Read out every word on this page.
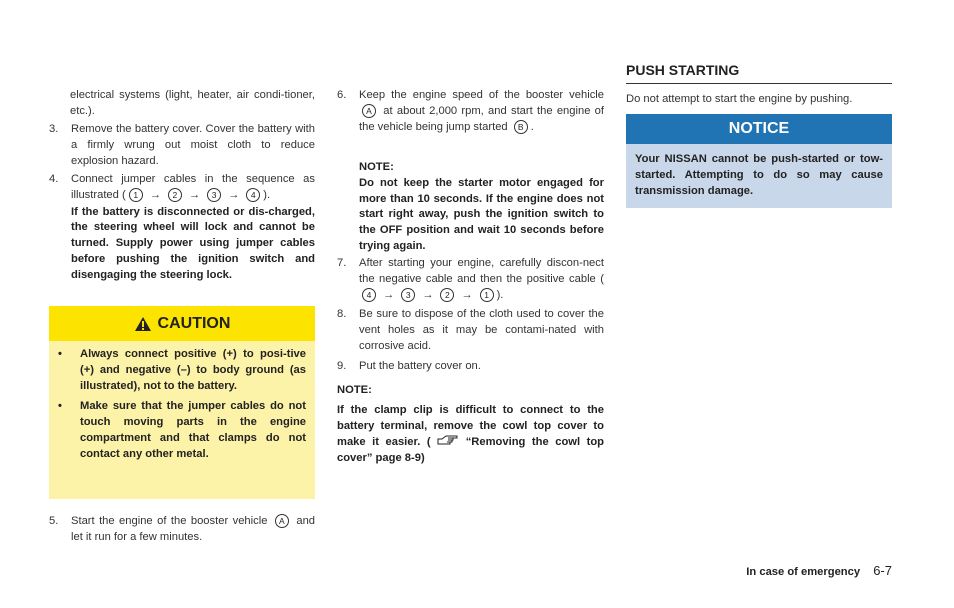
electrical systems (light, heater, air condi-tioner, etc.).
3. Remove the battery cover. Cover the battery with a firmly wrung out moist cloth to reduce explosion hazard.
4. Connect jumper cables in the sequence as illustrated ( 1 → 2 → 3 → 4 ).
If the battery is disconnected or dis-charged, the steering wheel will lock and cannot be turned. Supply power using jumper cables before pushing the ignition switch and disengaging the steering lock.
5. Start the engine of the booster vehicle A and let it run for a few minutes.
CAUTION
• Always connect positive (+) to posi-tive (+) and negative (–) to body ground (as illustrated), not to the battery.
• Make sure that the jumper cables do not touch moving parts in the engine compartment and that clamps do not contact any other metal.
6. Keep the engine speed of the booster vehicle A at about 2,000 rpm, and start the engine of the vehicle being jump started B .
NOTE:
Do not keep the starter motor engaged for more than 10 seconds. If the engine does not start right away, push the ignition switch to the OFF position and wait 10 seconds before trying again.
7. After starting your engine, carefully discon-nect the negative cable and then the positive cable (4 → 3 → 2 → 1 ).
8. Be sure to dispose of the cloth used to cover the vent holes as it may be contami-nated with corrosive acid.
9. Put the battery cover on.
NOTE:
If the clamp clip is difficult to connect to the battery terminal, remove the cowl top cover to make it easier. (	“Removing the cowl top cover” page 8-9)
PUSH STARTING
Do not attempt to start the engine by pushing.
NOTICE
Your NISSAN cannot be push-started or tow-started. Attempting to do so may cause transmission damage.
In case of emergency 6-7
